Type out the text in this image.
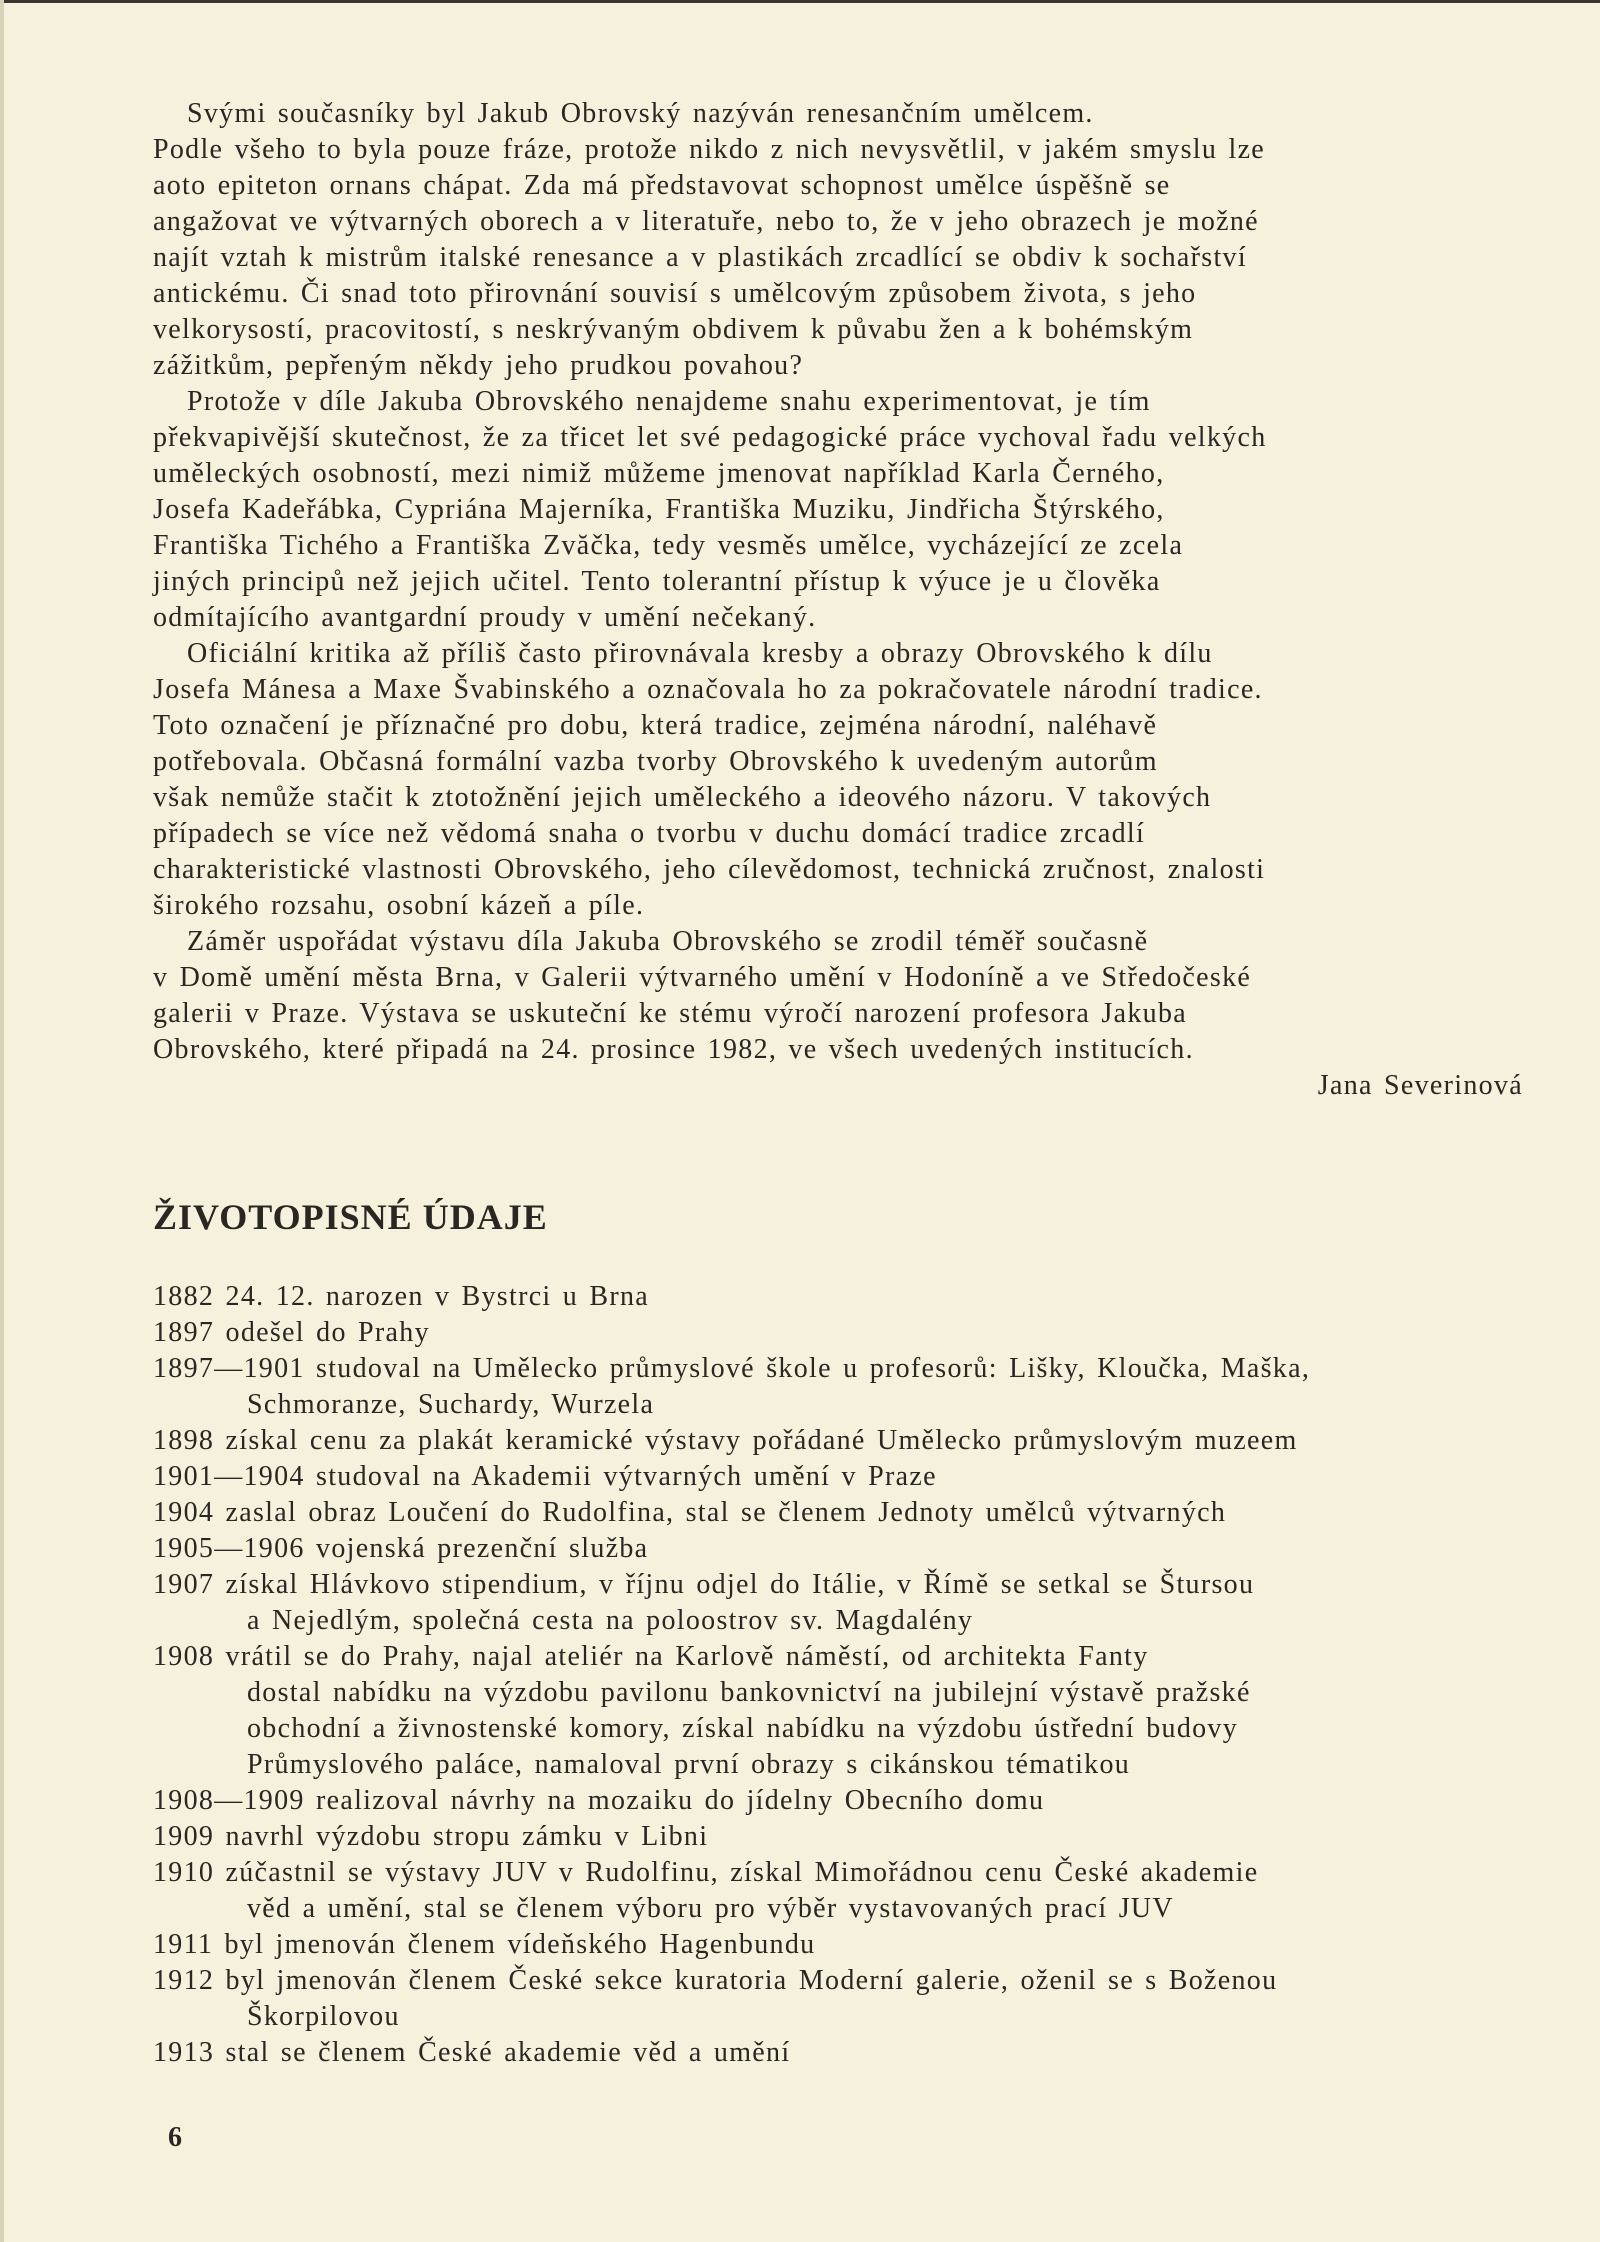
Svými současníky byl Jakub Obrovský nazýván renesančním umělcem.
Podle všeho to byla pouze fráze, protože nikdo z nich nevysvětlil, v jakém smyslu lze
aoto epiteton ornans chápat. Zda má představovat schopnost umělce úspěšně se
angažovat ve výtvarných oborech a v literatuře, nebo to, že v jeho obrazech je možné
najít vztah k mistrům italské renesance a v plastikách zrcadlící se obdiv k sochařství
antickému. Či snad toto přirovnání souvisí s umělcovým způsobem života, s jeho
velkorysostí, pracovitostí, s neskrývaným obdivem k půvabu žen a k bohémským
zážitkům, pepřeným někdy jeho prudkou povahou?
Protože v díle Jakuba Obrovského nenajdeme snahu experimentovat, je tím
překvapivější skutečnost, že za třicet let své pedagogické práce vychoval řadu velkých
uměleckých osobností, mezi nimiž můžeme jmenovat například Karla Černého,
Josefa Kadeřábka, Cypriána Majerníka, Františka Muziku, Jindřicha Štýrského,
Františka Tichého a Františka Zvăčka, tedy vesměs umělce, vycházející ze zcela
jiných principů než jejich učitel. Tento tolerantní přístup k výuce je u člověka
odmítajícího avantgardní proudy v umění nečekaný.
Oficiální kritika až příliš často přirovnávala kresby a obrazy Obrovského k dílu
Josefa Mánesa a Maxe Švabinského a označovala ho za pokračovatele národní tradice.
Toto označení je příznačné pro dobu, která tradice, zejména národní, naléhavě
potřebovala. Občasná formální vazba tvorby Obrovského k uvedeným autorům
však nemůže stačit k ztotožnění jejich uměleckého a ideového názoru. V takových
případech se více než vědomá snaha o tvorbu v duchu domácí tradice zrcadlí
charakteristické vlastnosti Obrovského, jeho cílevědomost, technická zručnost, znalosti
širokého rozsahu, osobní kázeň a píle.
Záměr uspořádat výstavu díla Jakuba Obrovského se zrodil téměř současně
v Domě umění města Brna, v Galerii výtvarného umění v Hodoníně a ve Středočeské
galerii v Praze. Výstava se uskuteční ke stému výročí narození profesora Jakuba
Obrovského, které připadá na 24. prosince 1982, ve všech uvedených institucích.
Jana Severinová
ŽIVOTOPISNÉ ÚDAJE
1882 24. 12. narozen v Bystrci u Brna
1897 odešel do Prahy
1897—1901 studoval na Umělecko průmyslové škole u profesorů: Lišky, Kloučka, Maška,
Schmoranze, Suchardy, Wurzela
1898 získal cenu za plakát keramické výstavy pořádané Umělecko průmyslovým muzeem
1901—1904 studoval na Akademii výtvarných umění v Praze
1904 zaslal obraz Loučení do Rudolfina, stal se členem Jednoty umělců výtvarných
1905—1906 vojenská prezenční služba
1907 získal Hlávkovo stipendium, v říjnu odjel do Itálie, v Římě se setkal se Štursou
a Nejedlým, společná cesta na poloostrov sv. Magdalény
1908 vrátil se do Prahy, najal ateliér na Karlově náměstí, od architekta Fanty
dostal nabídku na výzdobu pavilonu bankovnictví na jubilejní výstavě pražské
obchodní a živnostenské komory, získal nabídku na výzdobu ústřední budovy
Průmyslového paláce, namaloval první obrazy s cikánskou tématikou
1908—1909 realizoval návrhy na mozaiku do jídelny Obecního domu
1909 navrhl výzdobu stropu zámku v Libni
1910 zúčastnil se výstavy JUV v Rudolfinu, získal Mimořádnou cenu České akademie
věd a umění, stal se členem výboru pro výběr vystavovaných prací JUV
1911 byl jmenován členem vídeňského Hagenbundu
1912 byl jmenován členem České sekce kuratoria Moderní galerie, oženil se s Boženou
Škorpilovou
1913 stal se členem České akademie věd a umění
6
